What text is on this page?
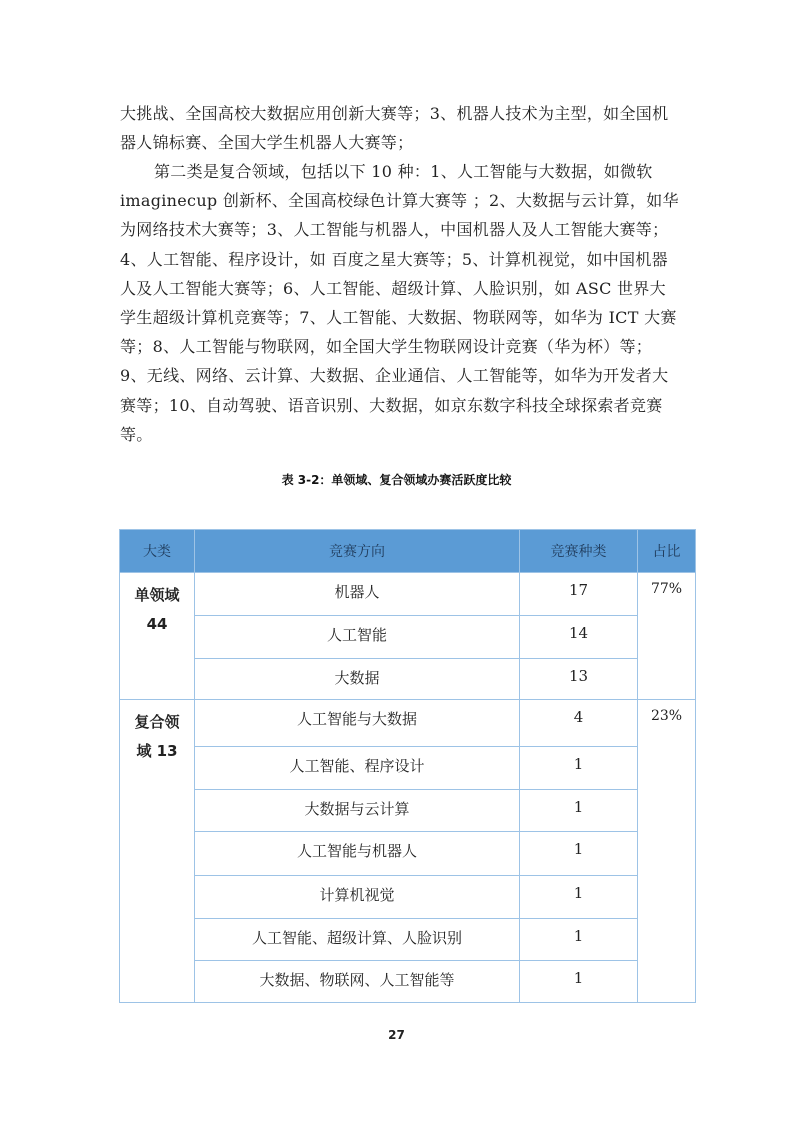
大挑战、全国高校大数据应用创新大赛等；3、机器人技术为主型，如全国机器人锦标赛、全国大学生机器人大赛等；
第二类是复合领域，包括以下 10 种：1、人工智能与大数据，如微软 imaginecup 创新杯、全国高校绿色计算大赛等 ；2、大数据与云计算，如华为网络技术大赛等；3、人工智能与机器人，中国机器人及人工智能大赛等；4、人工智能、程序设计，如 百度之星大赛等；5、计算机视觉，如中国机器人及人工智能大赛等；6、人工智能、超级计算、人脸识别，如 ASC 世界大学生超级计算机竞赛等；7、人工智能、大数据、物联网等，如华为 ICT 大赛等；8、人工智能与物联网，如全国大学生物联网设计竞赛（华为杯）等； 9、无线、网络、云计算、大数据、企业通信、人工智能等，如华为开发者大赛等；10、自动驾驶、语音识别、大数据，如京东数字科技全球探索者竞赛等。
表 3-2：单领域、复合领域办赛活跃度比较
大类	竞赛方向	竞赛种类	占比

单领域
44	机器人	17	77%
	人工智能	14	
	大数据	13	

复合领
域 13	人工智能与大数据	4	23%
	人工智能、程序设计	1	
	大数据与云计算	1	
	人工智能与机器人	1	
	计算机视觉	1	
	人工智能、超级计算、人脸识别	1	
	大数据、物联网、人工智能等	1	
27
